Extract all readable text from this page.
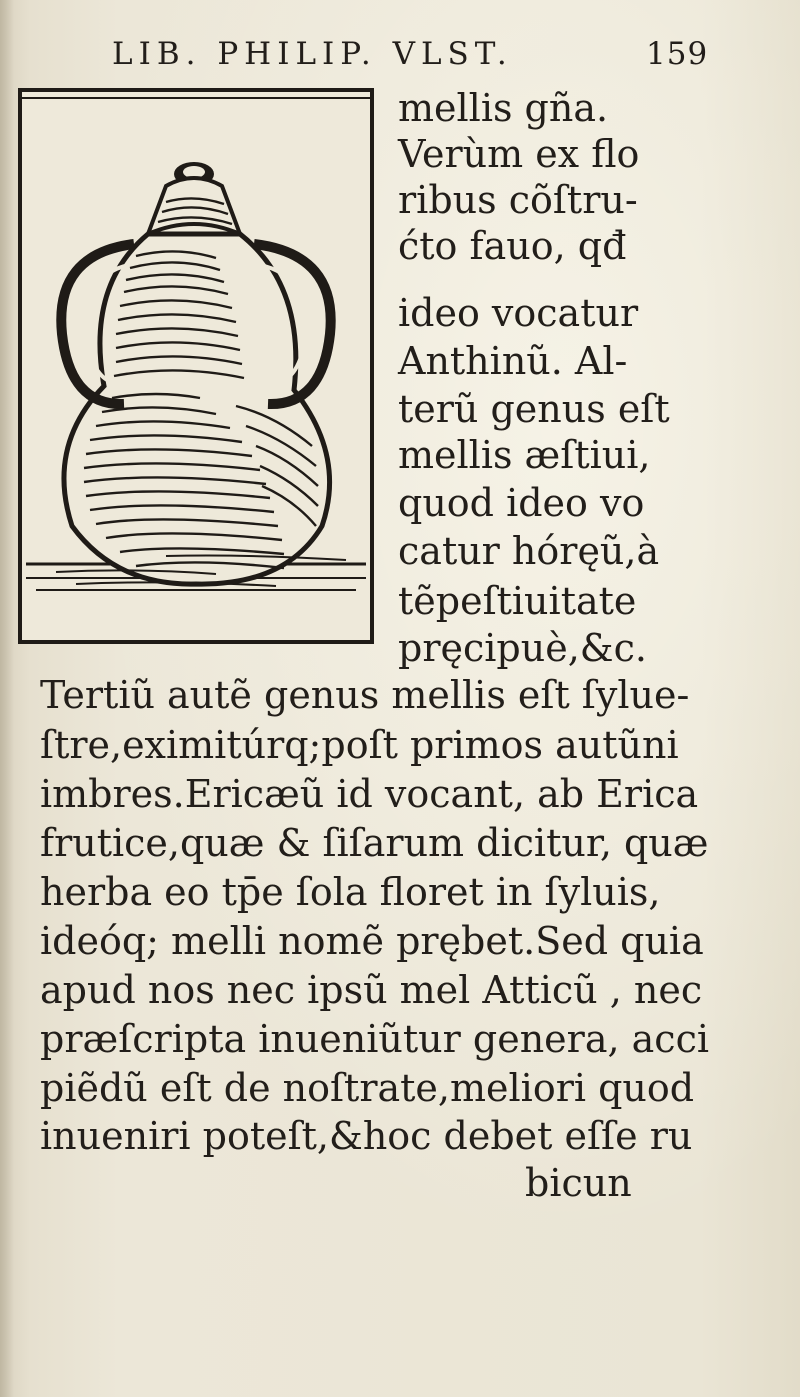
LIB. PHILIP. VLST.	159
mellis gña.
Verùm ex flo
ribus cõſtru-
ćto fauo, qđ
ideo vocatur
Anthinũ. Al-
terũ genus eſt
mellis æſtiui,
quod ideo vo
catur hóręũ,à
tẽpeſtiuitate
pręcipuè,&c.
Tertiũ autẽ genus mellis eſt ſylue-
ſtre,eximitúrq;poſt primos autũni
imbres.Ericæũ id vocant, ab Erica
frutice,quæ & ſiſarum dicitur, quæ
herba eo tp̄e ſola floret in ſyluis,
ideóq; melli nomẽ prębet.Sed quia
apud nos nec ipsũ mel Atticũ , nec
præſcripta inueniũtur genera, acci
piẽdũ eſt de noſtrate,meliori quod
inueniri poteſt,&hoc debet eſſe ru
bicun
